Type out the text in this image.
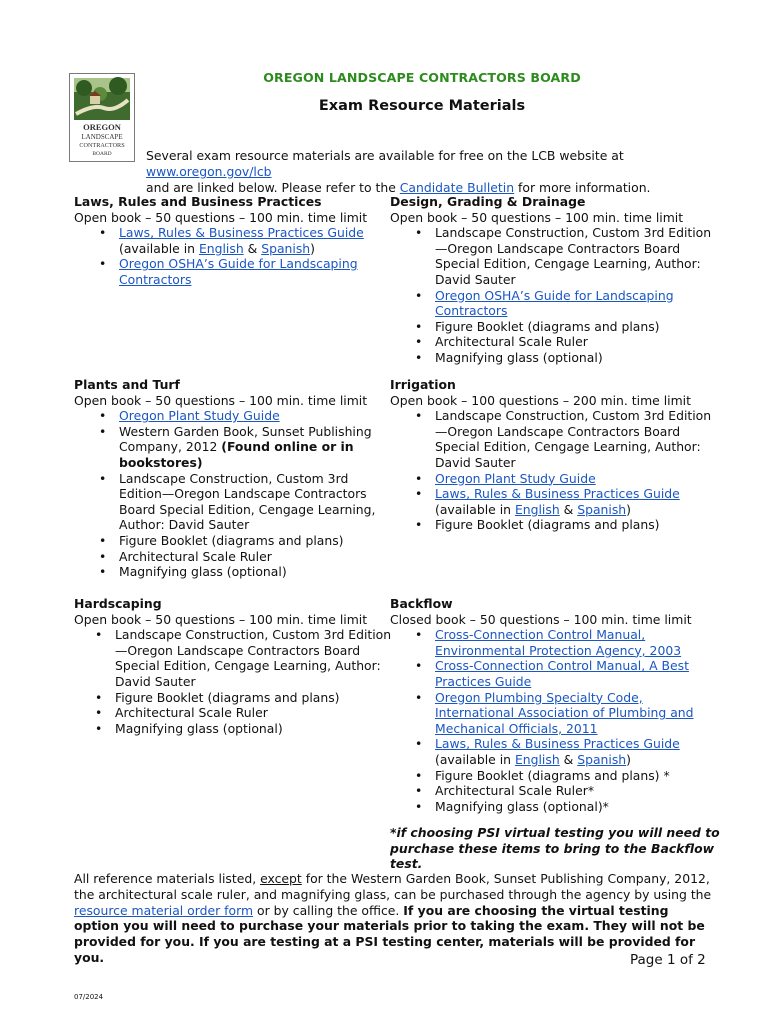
OREGON
LANDSCAPE
CONTRACTORS
BOARD
OREGON LANDSCAPE CONTRACTORS BOARD
Exam Resource Materials
Several exam resource materials are available for free on the LCB website at www.oregon.gov/lcb
and are linked below. Please refer to the Candidate Bulletin for more information.
Laws, Rules and Business Practices

Open book – 50 questions – 100 min. time limit

• Laws, Rules & Business Practices Guide
(available in English & Spanish)
• Oregon OSHA’s Guide for Landscaping
Contractors
Design, Grading & Drainage

Open book – 50 questions – 100 min. time limit

• Landscape Construction, Custom 3rd Edition—Oregon Landscape Contractors Board Special Edition, Cengage Learning, Author: David Sauter
• Oregon OSHA’s Guide for Landscaping
Contractors
• Figure Booklet (diagrams and plans)
• Architectural Scale Ruler
• Magnifying glass (optional)
Plants and Turf

Open book – 50 questions – 100 min. time limit

• Oregon Plant Study Guide
• Western Garden Book, Sunset Publishing Company, 2012 (Found online or in bookstores)
• Landscape Construction, Custom 3rd Edition—Oregon Landscape Contractors Board Special Edition, Cengage Learning, Author: David Sauter
• Figure Booklet (diagrams and plans)
• Architectural Scale Ruler
• Magnifying glass (optional)
Irrigation

Open book – 100 questions – 200 min. time limit

• Landscape Construction, Custom 3rd Edition—Oregon Landscape Contractors Board Special Edition, Cengage Learning, Author: David Sauter
• Oregon Plant Study Guide
• Laws, Rules & Business Practices Guide
(available in English & Spanish)
• Figure Booklet (diagrams and plans)
Hardscaping

Open book – 50 questions – 100 min. time limit

• Landscape Construction, Custom 3rd Edition—Oregon Landscape Contractors Board Special Edition, Cengage Learning, Author: David Sauter
• Figure Booklet (diagrams and plans)
• Architectural Scale Ruler
• Magnifying glass (optional)
Backflow

Closed book – 50 questions – 100 min. time limit

• Cross-Connection Control Manual,
Environmental Protection Agency, 2003
• Cross-Connection Control Manual, A Best
Practices Guide
• Oregon Plumbing Specialty Code,
International Association of Plumbing and
Mechanical Officials, 2011
• Laws, Rules & Business Practices Guide
(available in English & Spanish)
• Figure Booklet (diagrams and plans) *
• Architectural Scale Ruler*
• Magnifying glass (optional)*
*if choosing PSI virtual testing you will need to purchase these items to bring to the Backflow test.
All reference materials listed, except for the Western Garden Book, Sunset Publishing Company, 2012, the architectural scale ruler, and magnifying glass, can be purchased through the agency by using the resource material order form or by calling the office. If you are choosing the virtual testing option you will need to purchase your materials prior to taking the exam. They will not be provided for you. If you are testing at a PSI testing center, materials will be provided for you.	Page 1 of 2
07/2024
